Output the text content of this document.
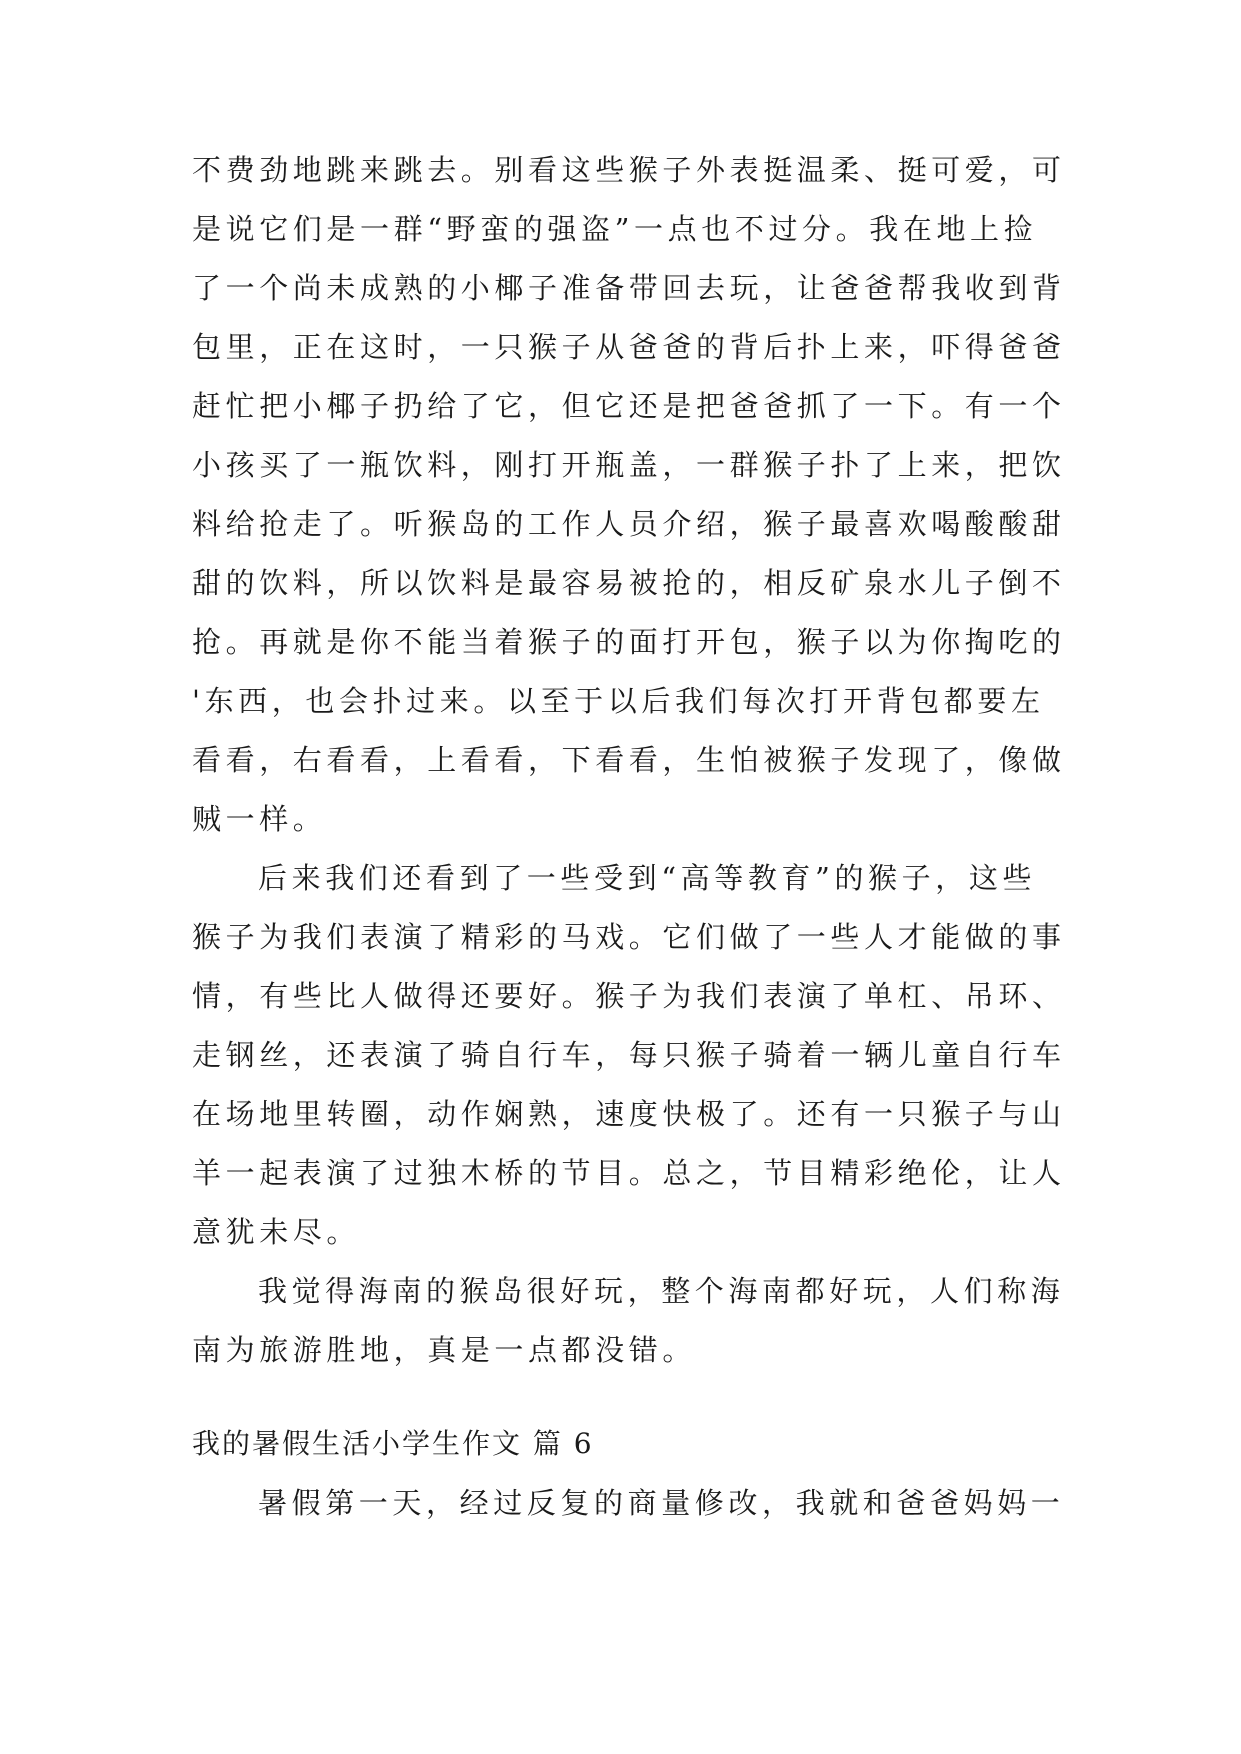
不费劲地跳来跳去。别看这些猴子外表挺温柔、挺可爱，可
是说它们是一群“野蛮的强盗”一点也不过分。我在地上捡
了一个尚未成熟的小椰子准备带回去玩，让爸爸帮我收到背
包里，正在这时，一只猴子从爸爸的背后扑上来，吓得爸爸
赶忙把小椰子扔给了它，但它还是把爸爸抓了一下。有一个
小孩买了一瓶饮料，刚打开瓶盖，一群猴子扑了上来，把饮
料给抢走了。听猴岛的工作人员介绍，猴子最喜欢喝酸酸甜
甜的饮料，所以饮料是最容易被抢的，相反矿泉水儿子倒不
抢。再就是你不能当着猴子的面打开包，猴子以为你掏吃的
'东西，也会扑过来。以至于以后我们每次打开背包都要左
看看，右看看，上看看，下看看，生怕被猴子发现了，像做
贼一样。
后来我们还看到了一些受到“高等教育”的猴子，这些
猴子为我们表演了精彩的马戏。它们做了一些人才能做的事
情，有些比人做得还要好。猴子为我们表演了单杠、吊环、
走钢丝，还表演了骑自行车，每只猴子骑着一辆儿童自行车
在场地里转圈，动作娴熟，速度快极了。还有一只猴子与山
羊一起表演了过独木桥的节目。总之，节目精彩绝伦，让人
意犹未尽。
我觉得海南的猴岛很好玩，整个海南都好玩，人们称海
南为旅游胜地，真是一点都没错。
暑假第一天，经过反复的商量修改，我就和爸爸妈妈一
我的暑假生活小学生作文 篇 6
